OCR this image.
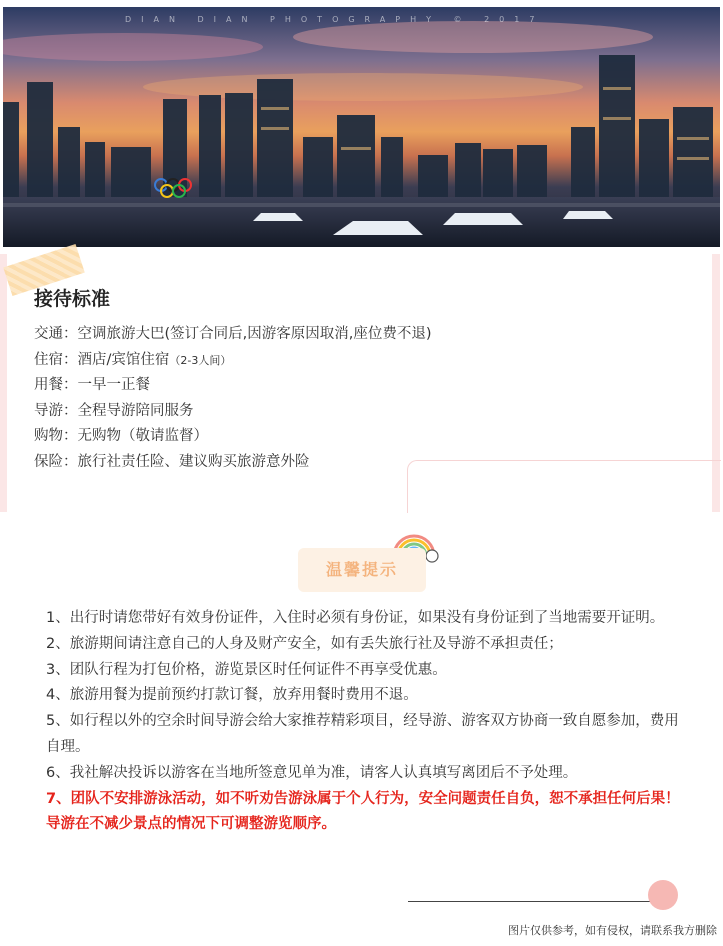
DIAN DIAN PHOTOGRAPHY © 2017
接待标准
交通：空调旅游大巴(签订合同后,因游客原因取消,座位费不退)
住宿：酒店/宾馆住宿（2-3人间）
用餐：一早一正餐
导游：全程导游陪同服务
购物：无购物（敬请监督）
保险：旅行社责任险、建议购买旅游意外险
温馨提示
1、出行时请您带好有效身份证件，入住时必须有身份证，如果没有身份证到了当地需要开证明。
2、旅游期间请注意自己的人身及财产安全，如有丢失旅行社及导游不承担责任；
3、团队行程为打包价格，游览景区时任何证件不再享受优惠。
4、旅游用餐为提前预约打款订餐，放弃用餐时费用不退。
5、如行程以外的空余时间导游会给大家推荐精彩项目，经导游、游客双方协商一致自愿参加，费用自理。
6、我社解决投诉以游客在当地所签意见单为准，请客人认真填写离团后不予处理。
7、团队不安排游泳活动，如不听劝告游泳属于个人行为，安全问题责任自负，恕不承担任何后果！导游在不减少景点的情况下可调整游览顺序。
图片仅供参考，如有侵权，请联系我方删除
